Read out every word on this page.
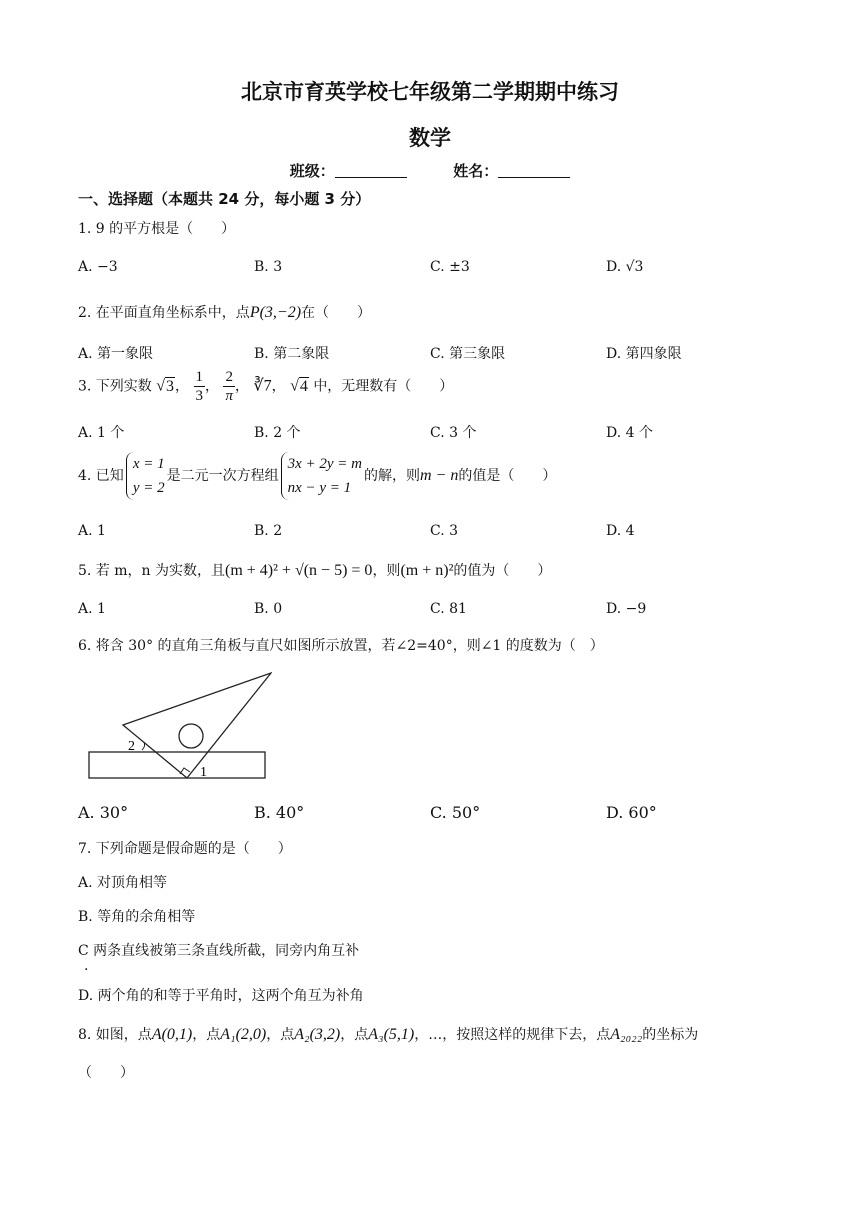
北京市育英学校七年级第二学期期中练习
数学
班级：	姓名：
一、选择题（本题共 24 分，每小题 3 分）
1. 9 的平方根是（　　）
A. −3	B. 3	C. ±3	D. √3
2. 在平面直角坐标系中，点P(3,−2)在（　　）
A. 第一象限	B. 第二象限	C. 第三象限	D. 第四象限
3. 下列实数 √3， $\frac{1}{3}$ ， $\frac{2}{\pi}$ ， ∛7， √4 中，无理数有（　　）
A. 1 个	B. 2 个	C. 3 个	D. 4 个
4. 已知
x = 1
y = 2
是二元一次方程组
3x + 2y = m
nx − y = 1
的解，则m − n的值是（　　）
A. 1	B. 2	C. 3	D. 4
5. 若 m，n 为实数，且(m + 4)² + √(n − 5) = 0，则(m + n)²的值为（　　）
A. 1	B. 0	C. 81	D. −9
6. 将含 30° 的直角三角板与直尺如图所示放置，若∠2=40°，则∠1 的度数为（　）
2
1
A. 30°	B. 40°	C. 50°	D. 60°
7. 下列命题是假命题的是（　　）
A. 对顶角相等
B. 等角的余角相等
C 两条直线被第三条直线所截，同旁内角互补
.
D. 两个角的和等于平角时，这两个角互为补角
8. 如图，点A(0,1)，点A₁(2,0)，点A₂(3,2)，点A₃(5,1)，…，按照这样的规律下去，点A₂₀₂₂的坐标为
（　　）
